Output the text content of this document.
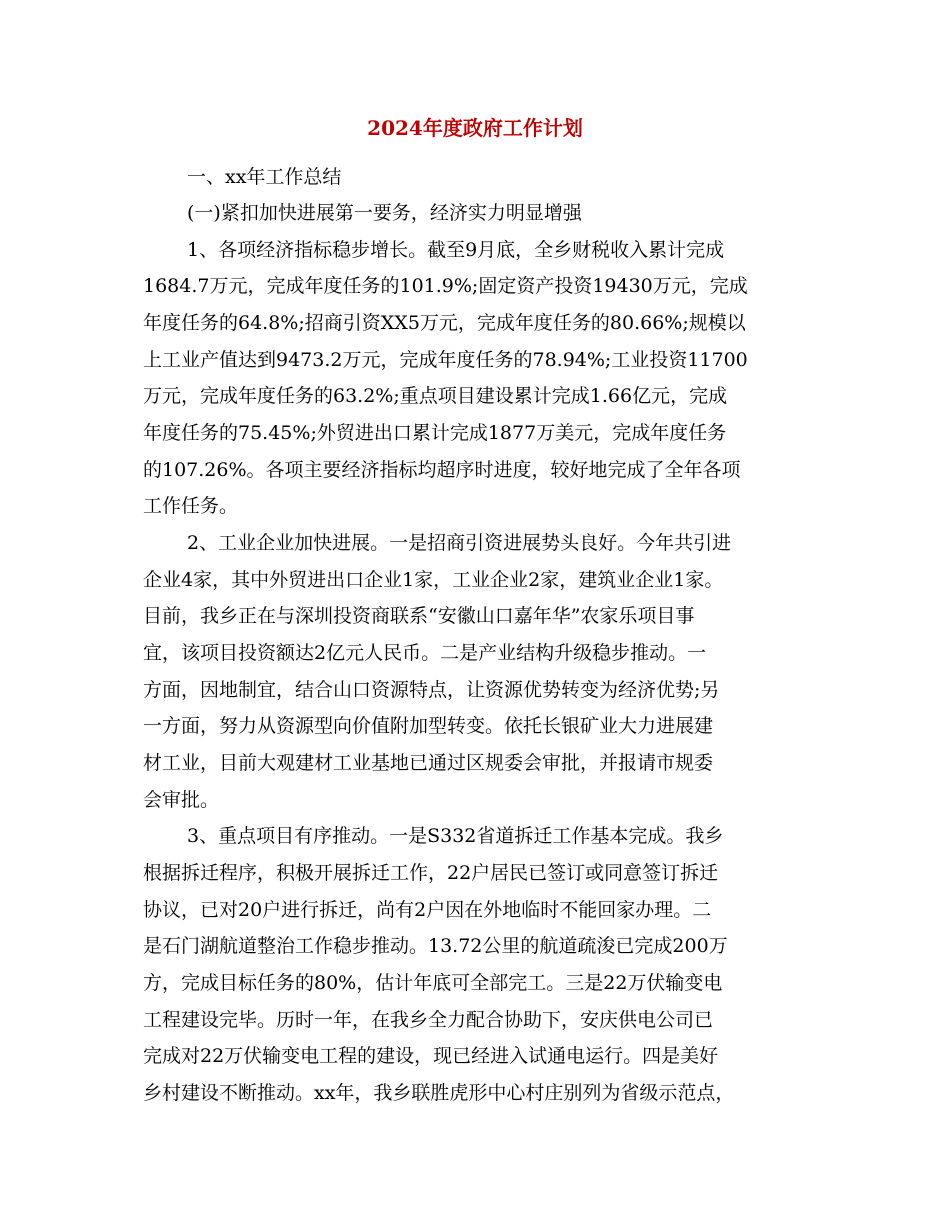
2024年度政府工作计划

一、xx年工作总结

(一)紧扣加快进展第一要务，经济实力明显增强

1、各项经济指标稳步增长。截至9月底，全乡财税收入累计完成

1684.7万元，完成年度任务的101.9%;固定资产投资19430万元，完成

年度任务的64.8%;招商引资XX5万元，完成年度任务的80.66%;规模以

上工业产值达到9473.2万元，完成年度任务的78.94%;工业投资11700

万元，完成年度任务的63.2%;重点项目建设累计完成1.66亿元，完成

年度任务的75.45%;外贸进出口累计完成1877万美元，完成年度任务

的107.26%。各项主要经济指标均超序时进度，较好地完成了全年各项

工作任务。

2、工业企业加快进展。一是招商引资进展势头良好。今年共引进

企业4家，其中外贸进出口企业1家，工业企业2家，建筑业企业1家。

目前，我乡正在与深圳投资商联系“安徽山口嘉年华”农家乐项目事

宜，该项目投资额达2亿元人民币。二是产业结构升级稳步推动。一

方面，因地制宜，结合山口资源特点，让资源优势转变为经济优势;另

一方面，努力从资源型向价值附加型转变。依托长银矿业大力进展建

材工业，目前大观建材工业基地已通过区规委会审批，并报请市规委

会审批。

3、重点项目有序推动。一是S332省道拆迁工作基本完成。我乡

根据拆迁程序，积极开展拆迁工作，22户居民已签订或同意签订拆迁

协议，已对20户进行拆迁，尚有2户因在外地临时不能回家办理。二

是石门湖航道整治工作稳步推动。13.72公里的航道疏浚已完成200万

方，完成目标任务的80%，估计年底可全部完工。三是22万伏输变电

工程建设完毕。历时一年，在我乡全力配合协助下，安庆供电公司已

完成对22万伏输变电工程的建设，现已经进入试通电运行。四是美好

乡村建设不断推动。xx年，我乡联胜虎形中心村庄别列为省级示范点，
